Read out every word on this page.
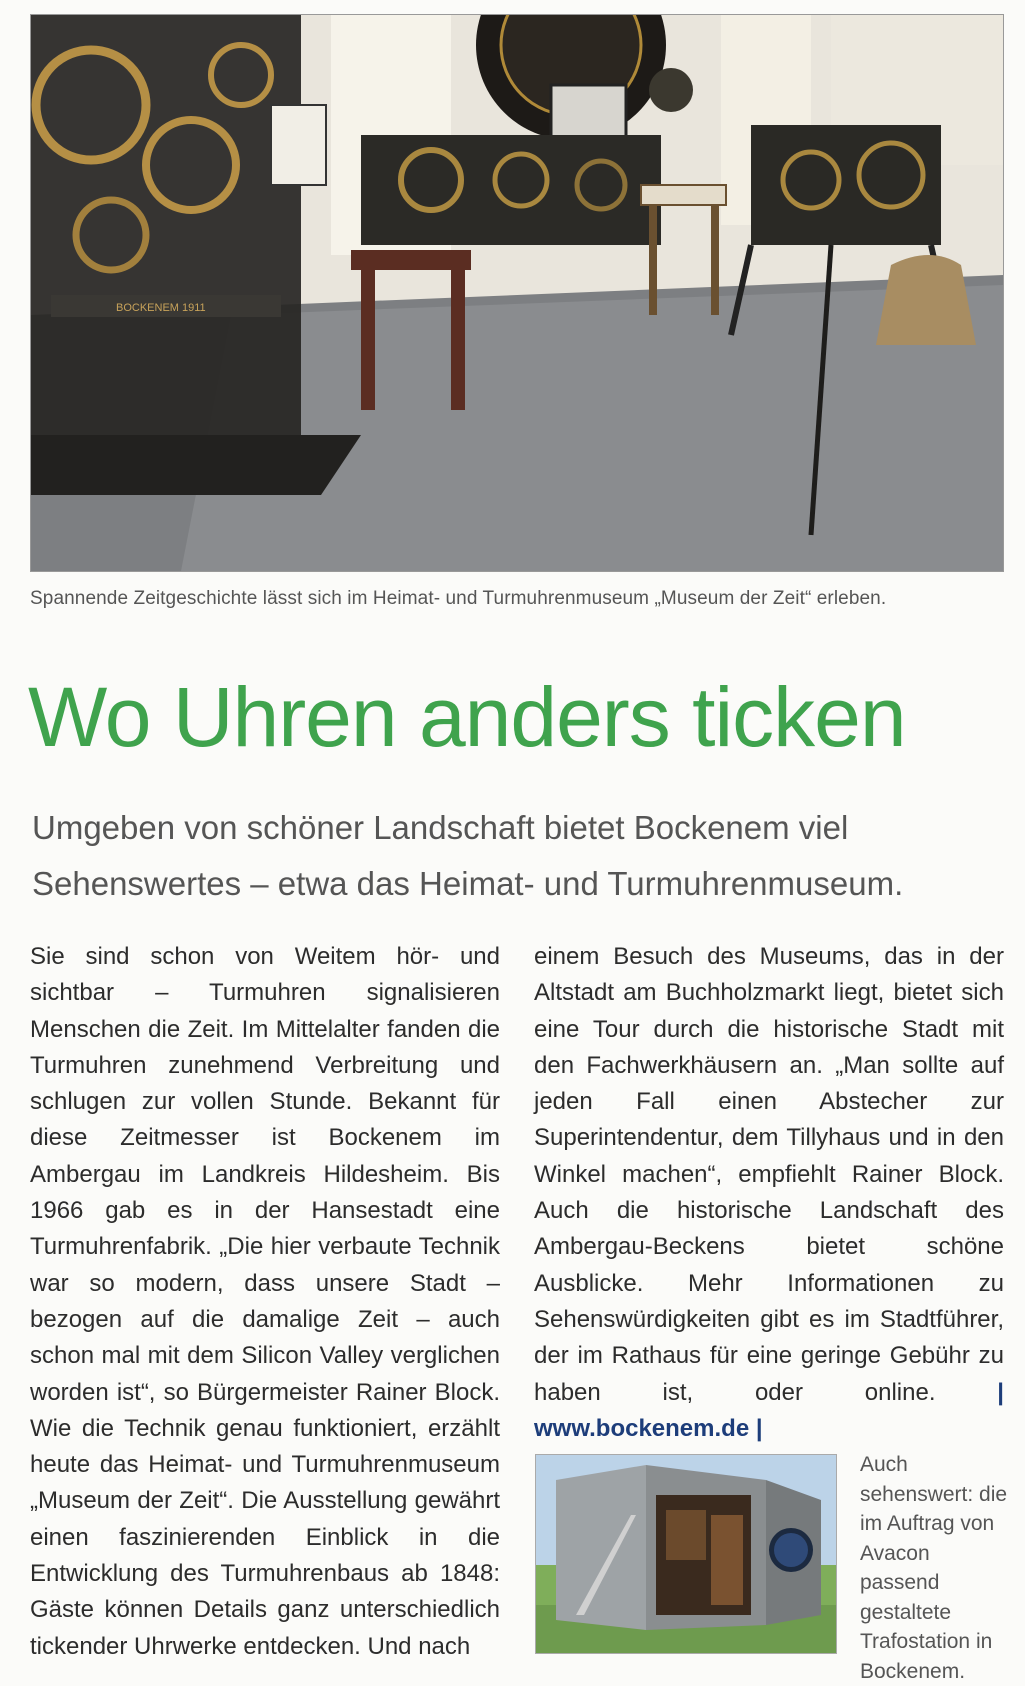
BOCKENEM 1911
Spannende Zeitgeschichte lässt sich im Heimat- und Turmuhrenmuseum „Museum der Zeit“ erleben.
Wo Uhren anders ticken

Umgeben von schöner Landschaft bietet Bockenem viel Sehenswertes – etwa das Heimat- und Turmuhrenmuseum.

Sie sind schon von Weitem hör- und sichtbar – Turmuhren signalisieren Menschen die Zeit. Im Mittelalter fanden die Turmuhren zunehmend Verbreitung und schlugen zur vollen Stunde. Bekannt für diese Zeitmesser ist Bockenem im Ambergau im Landkreis Hildesheim. Bis 1966 gab es in der Hansestadt eine Turmuhrenfabrik. „Die hier verbaute Technik war so modern, dass unsere Stadt – bezogen auf die damalige Zeit – auch schon mal mit dem Silicon Valley verglichen worden ist“, so Bürgermeister Rainer Block. Wie die Technik genau funktioniert, erzählt heute das Heimat- und Turmuhrenmuseum „Museum der Zeit“. Die Ausstellung gewährt einen faszinierenden Einblick in die Entwicklung des Turmuhrenbaus ab 1848: Gäste können Details ganz unterschiedlich tickender Uhrwerke entdecken. Und nach

einem Besuch des Museums, das in der Altstadt am Buchholzmarkt liegt, bietet sich eine Tour durch die historische Stadt mit den Fachwerkhäusern an. „Man sollte auf jeden Fall einen Abstecher zur Superintendentur, dem Tillyhaus und in den Winkel machen“, empfiehlt Rainer Block. Auch die historische Landschaft des Ambergau-Beckens bietet schöne Ausblicke. Mehr Informationen zu Sehenswürdigkeiten gibt es im Stadtführer, der im Rathaus für eine geringe Gebühr zu haben ist, oder online.	| www.bockenem.de |

Auch sehenswert: die im Auftrag von Avacon passend gestaltete Trafostation in Bockenem.
